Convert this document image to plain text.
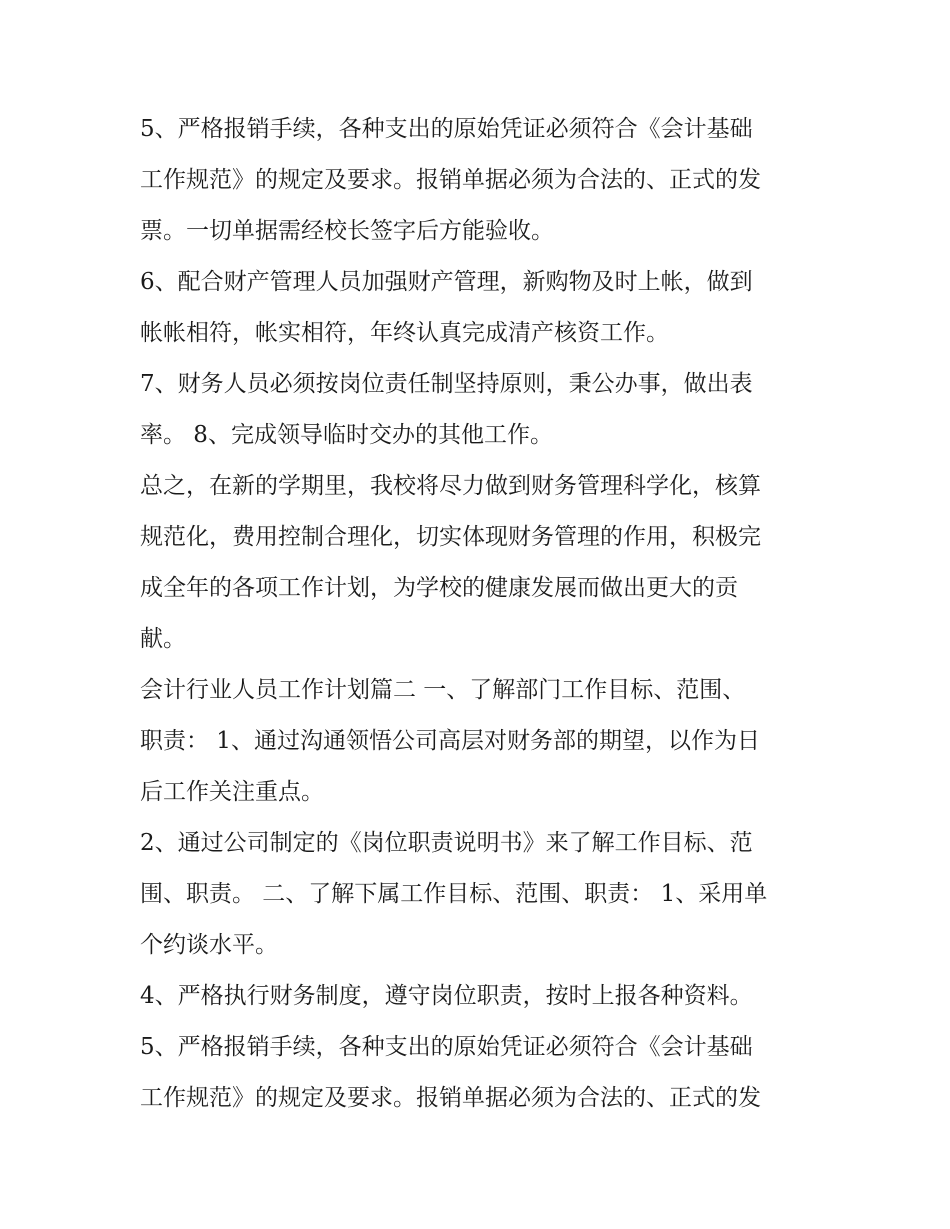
5、严格报销手续，各种支出的原始凭证必须符合《会计基础
工作规范》的规定及要求。报销单据必须为合法的、正式的发
票。一切单据需经校长签字后方能验收。

6、配合财产管理人员加强财产管理，新购物及时上帐，做到
帐帐相符，帐实相符，年终认真完成清产核资工作。

7、财务人员必须按岗位责任制坚持原则，秉公办事，做出表
率。 8、完成领导临时交办的其他工作。

总之，在新的学期里，我校将尽力做到财务管理科学化，核算
规范化，费用控制合理化，切实体现财务管理的作用，积极完
成全年的各项工作计划，为学校的健康发展而做出更大的贡
献。

会计行业人员工作计划篇二 一、了解部门工作目标、范围、
职责： 1、通过沟通领悟公司高层对财务部的期望，以作为日
后工作关注重点。

2、通过公司制定的《岗位职责说明书》来了解工作目标、范
围、职责。 二、了解下属工作目标、范围、职责： 1、采用单
个约谈水平。

4、严格执行财务制度，遵守岗位职责，按时上报各种资料。

5、严格报销手续，各种支出的原始凭证必须符合《会计基础
工作规范》的规定及要求。报销单据必须为合法的、正式的发
